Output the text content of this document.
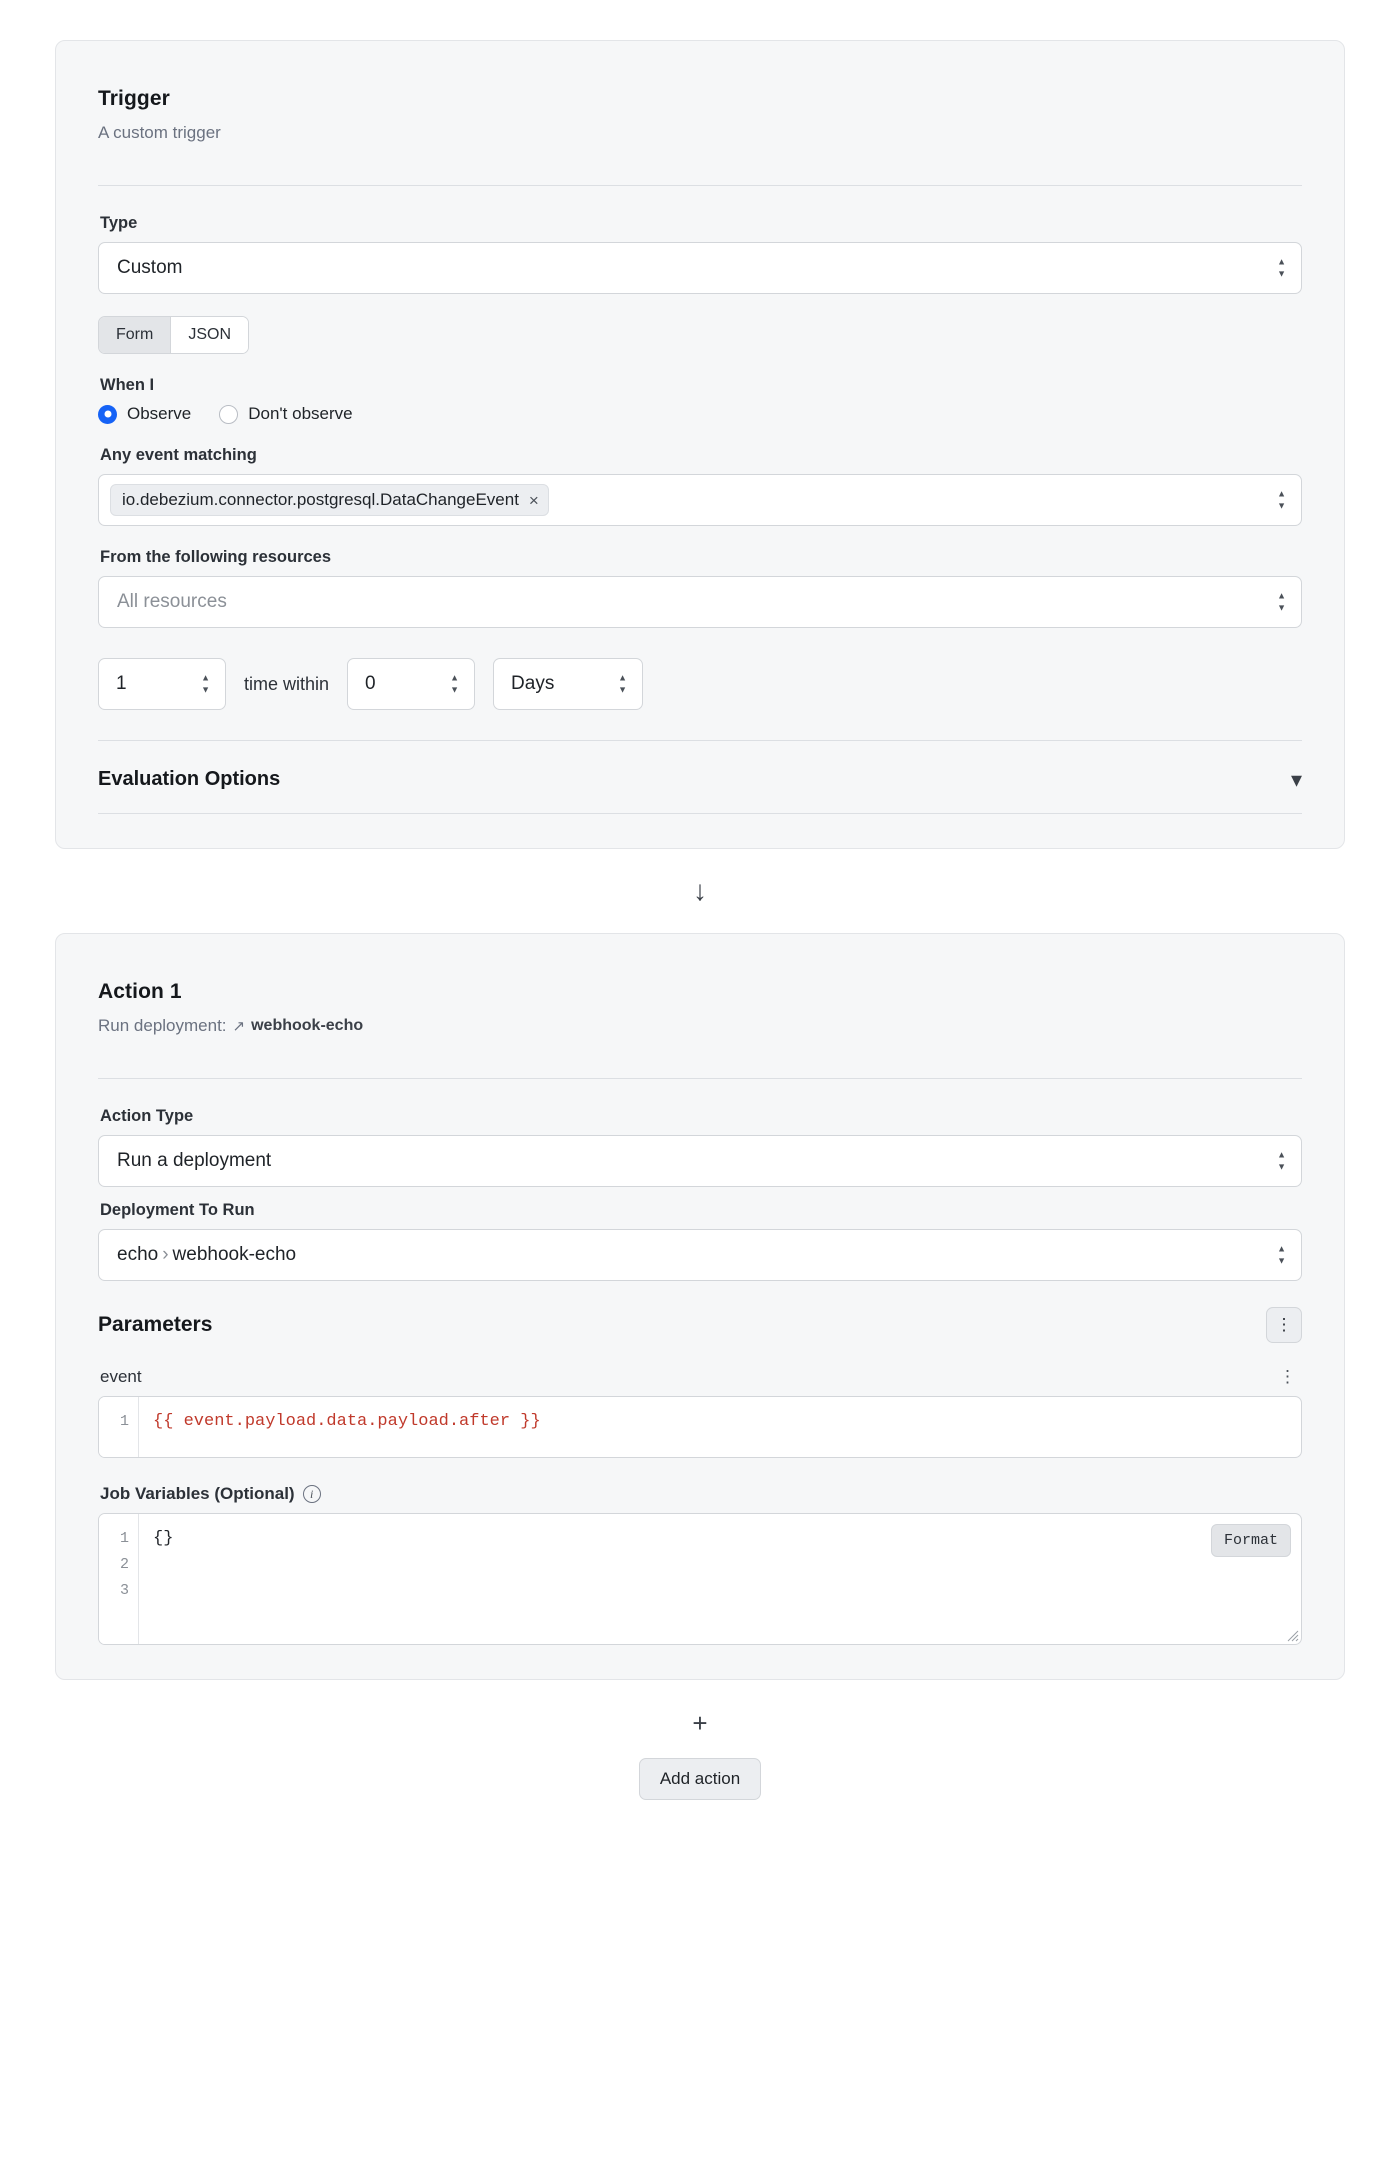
Trigger
A custom trigger
Type
Custom	▲
▼
Form	JSON
When I
Observe	Don't observe
Any event matching
io.debezium.connector.postgresql.DataChangeEvent ×	▲
▼
From the following resources
All resources	▲
▼
1	▲
▼ time within 0	▲
▼	Days	▲
▼
Evaluation Options	▾
↓
Action 1
Run deployment: ↗ webhook-echo
Action Type
Run a deployment	▲
▼
Deployment To Run
echo › webhook-echo	▲
▼
Parameters	⋮
event	⋮
1	{{ event.payload.data.payload.after }}
Job Variables (Optional)	i
1
2
3
{}	Format
+
Add action
